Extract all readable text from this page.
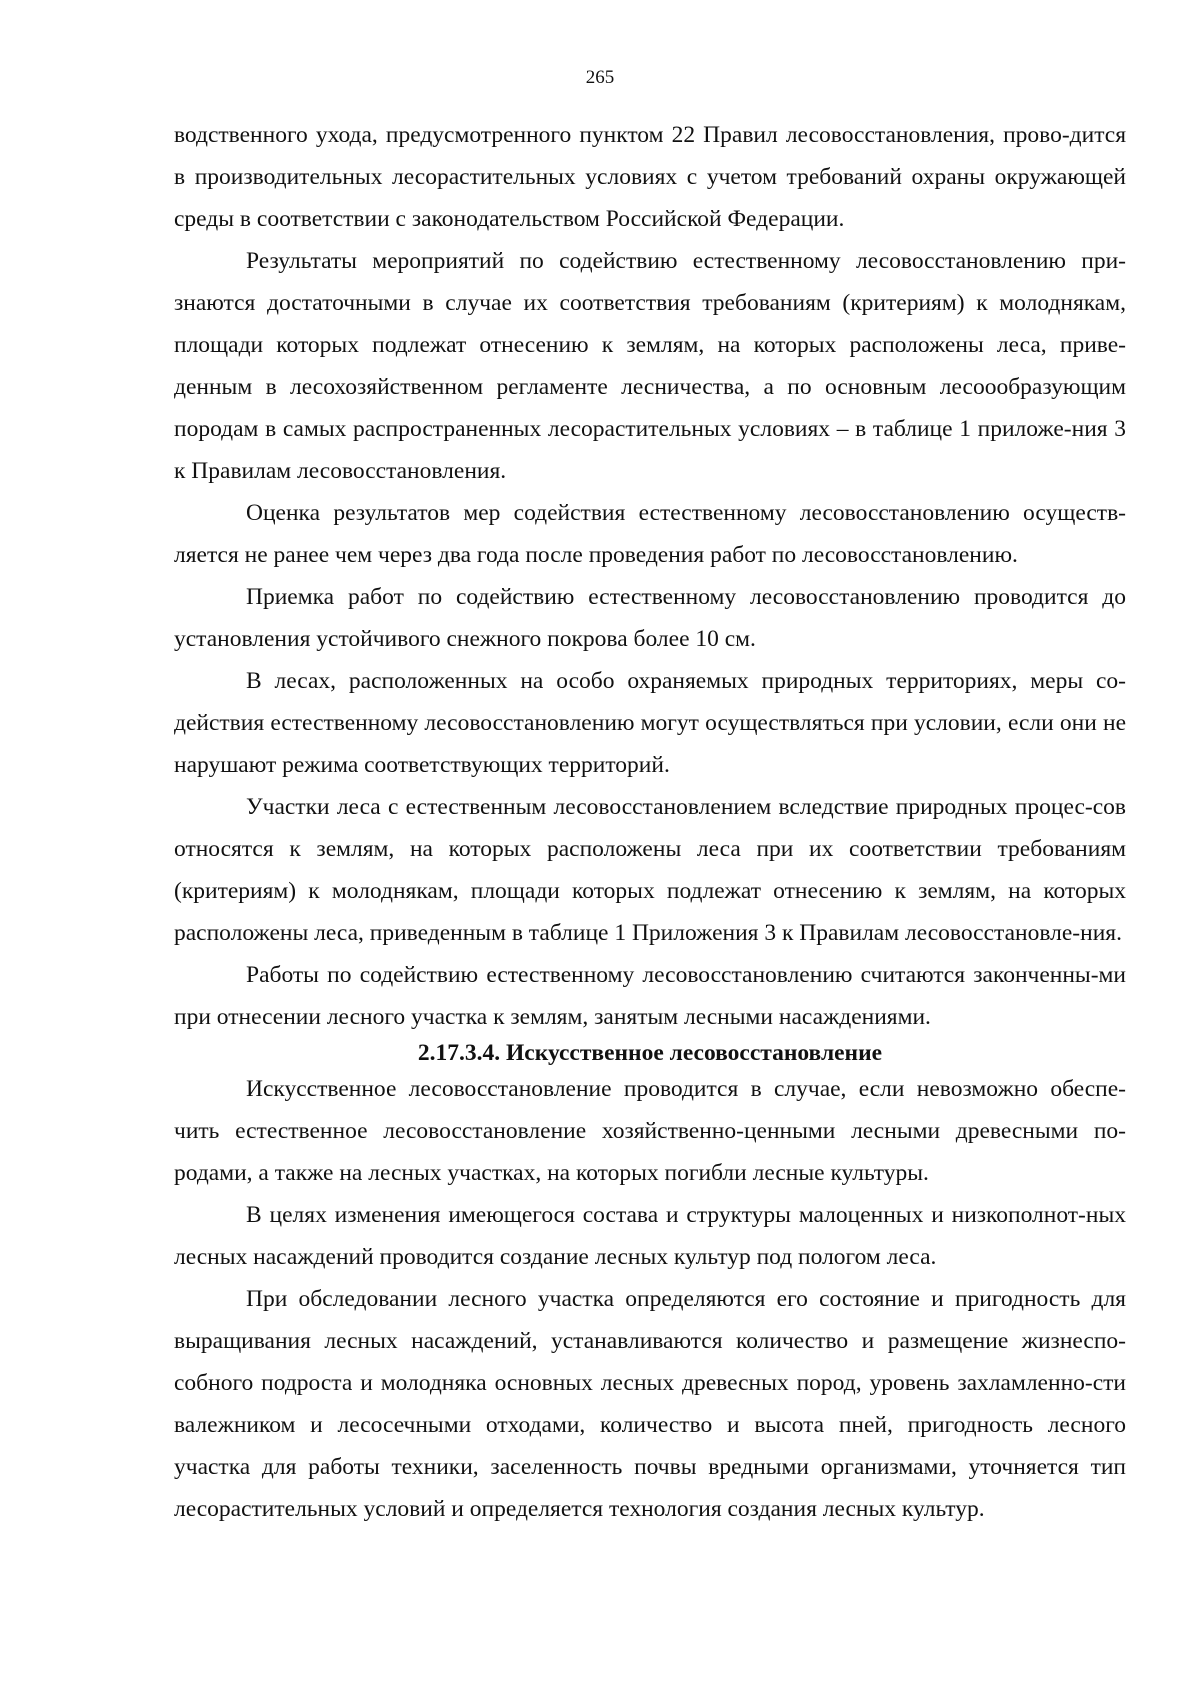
265

водственного ухода, предусмотренного пунктом 22 Правил лесовосстановления, прово-дится в производительных лесорастительных условиях с учетом требований охраны окружающей среды в соответствии с законодательством Российской Федерации.

Результаты мероприятий по содействию естественному лесовосстановлению при-знаются достаточными в случае их соответствия требованиям (критериям) к молоднякам, площади которых подлежат отнесению к землям, на которых расположены леса, приве-денным в лесохозяйственном регламенте лесничества, а по основным лесоообразующим породам в самых распространенных лесорастительных условиях – в таблице 1 приложе-ния 3 к Правилам лесовосстановления.

Оценка результатов мер содействия естественному лесовосстановлению осуществ-ляется не ранее чем через два года после проведения работ по лесовосстановлению.

Приемка работ по содействию естественному лесовосстановлению проводится до установления устойчивого снежного покрова более 10 см.

В лесах, расположенных на особо охраняемых природных территориях, меры со-действия естественному лесовосстановлению могут осуществляться при условии, если они не нарушают режима соответствующих территорий.

Участки леса с естественным лесовосстановлением вследствие природных процес-сов относятся к землям, на которых расположены леса при их соответствии требованиям (критериям) к молоднякам, площади которых подлежат отнесению к землям, на которых расположены леса, приведенным в таблице 1 Приложения 3 к Правилам лесовосстановле-ния.

Работы по содействию естественному лесовосстановлению считаются законченны-ми при отнесении лесного участка к землям, занятым лесными насаждениями.

2.17.3.4. Искусственное лесовосстановление

Искусственное лесовосстановление проводится в случае, если невозможно обеспе-чить естественное лесовосстановление хозяйственно-ценными лесными древесными по-родами, а также на лесных участках, на которых погибли лесные культуры.

В целях изменения имеющегося состава и структуры малоценных и низкополнот-ных лесных насаждений проводится создание лесных культур под пологом леса.

При обследовании лесного участка определяются его состояние и пригодность для выращивания лесных насаждений, устанавливаются количество и размещение жизнеспо-собного подроста и молодняка основных лесных древесных пород, уровень захламленно-сти валежником и лесосечными отходами, количество и высота пней, пригодность лесного участка для работы техники, заселенность почвы вредными организмами, уточняется тип лесорастительных условий и определяется технология создания лесных культур.
